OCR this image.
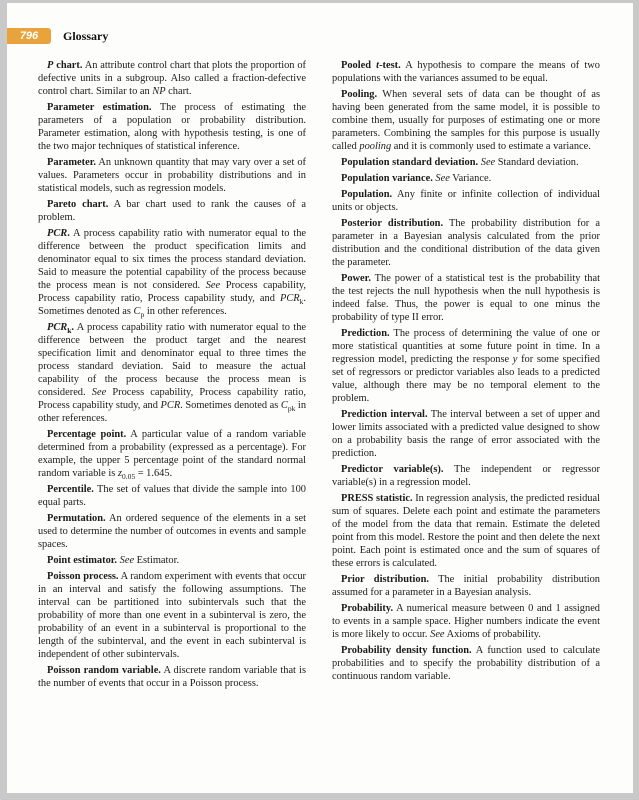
796 Glossary

P chart. An attribute control chart that plots the proportion of defective units in a subgroup. Also called a fraction-defective control chart. Similar to an NP chart.

Parameter estimation. The process of estimating the parameters of a population or probability distribution. Parameter estimation, along with hypothesis testing, is one of the two major techniques of statistical inference.

Parameter. An unknown quantity that may vary over a set of values. Parameters occur in probability distributions and in statistical models, such as regression models.

Pareto chart. A bar chart used to rank the causes of a problem.

PCR. A process capability ratio with numerator equal to the difference between the product specification limits and denominator equal to six times the process standard deviation. Said to measure the potential capability of the process because the process mean is not considered. See Process capability, Process capability ratio, Process capability study, and $PCR_k$. Sometimes denoted as $C_p$ in other references.

$PCR_k$. A process capability ratio with numerator equal to the difference between the product target and the nearest specification limit and denominator equal to three times the process standard deviation. Said to measure the actual capability of the process because the process mean is considered. See Process capability, Process capability ratio, Process capability study, and PCR. Sometimes denoted as $C_{pk}$ in other references.

Percentage point. A particular value of a random variable determined from a probability (expressed as a percentage). For example, the upper 5 percentage point of the standard normal random variable is $z_{0.05} = 1.645$.

Percentile. The set of values that divide the sample into 100 equal parts.

Permutation. An ordered sequence of the elements in a set used to determine the number of outcomes in events and sample spaces.

Point estimator. See Estimator.

Poisson process. A random experiment with events that occur in an interval and satisfy the following assumptions. The interval can be partitioned into subintervals such that the probability of more than one event in a subinterval is zero, the probability of an event in a subinterval is proportional to the length of the subinterval, and the event in each subinterval is independent of other subintervals.

Poisson random variable. A discrete random variable that is the number of events that occur in a Poisson process.

Pooled t-test. A hypothesis to compare the means of two populations with the variances assumed to be equal.

Pooling. When several sets of data can be thought of as having been generated from the same model, it is possible to combine them, usually for purposes of estimating one or more parameters. Combining the samples for this purpose is usually called pooling and it is commonly used to estimate a variance.

Population standard deviation. See Standard deviation.

Population variance. See Variance.

Population. Any finite or infinite collection of individual units or objects.

Posterior distribution. The probability distribution for a parameter in a Bayesian analysis calculated from the prior distribution and the conditional distribution of the data given the parameter.

Power. The power of a statistical test is the probability that the test rejects the null hypothesis when the null hypothesis is indeed false. Thus, the power is equal to one minus the probability of type II error.

Prediction. The process of determining the value of one or more statistical quantities at some future point in time. In a regression model, predicting the response y for some specified set of regressors or predictor variables also leads to a predicted value, although there may be no temporal element to the problem.

Prediction interval. The interval between a set of upper and lower limits associated with a predicted value designed to show on a probability basis the range of error associated with the prediction.

Predictor variable(s). The independent or regressor variable(s) in a regression model.

PRESS statistic. In regression analysis, the predicted residual sum of squares. Delete each point and estimate the parameters of the model from the data that remain. Estimate the deleted point from this model. Restore the point and then delete the next point. Each point is estimated once and the sum of squares of these errors is calculated.

Prior distribution. The initial probability distribution assumed for a parameter in a Bayesian analysis.

Probability. A numerical measure between 0 and 1 assigned to events in a sample space. Higher numbers indicate the event is more likely to occur. See Axioms of probability.

Probability density function. A function used to calculate probabilities and to specify the probability distribution of a continuous random variable.
